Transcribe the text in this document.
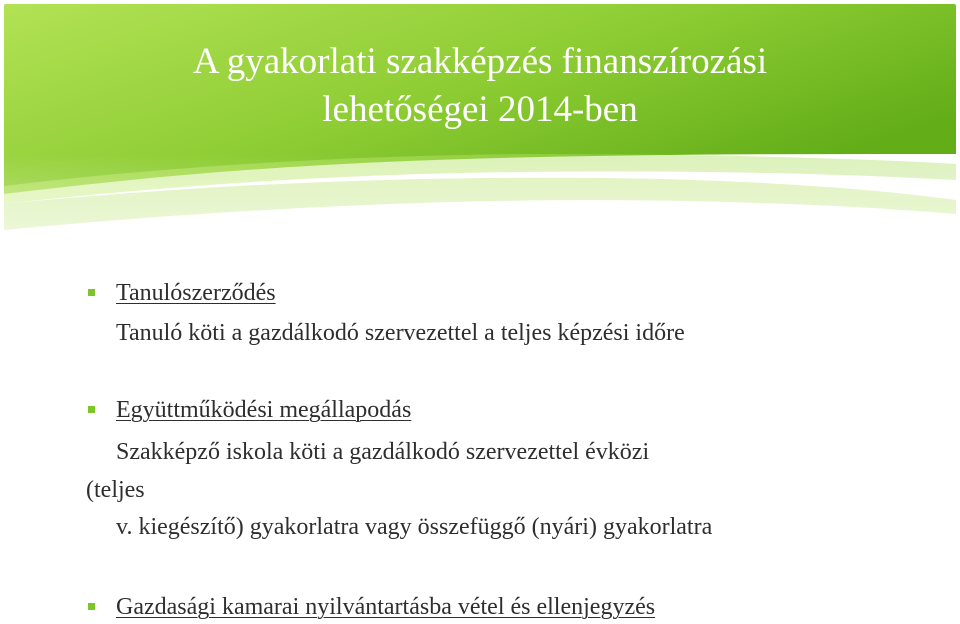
A gyakorlati szakképzés finanszírozási
lehetőségei 2014-ben
Tanulószerződés
Tanuló köti a gazdálkodó szervezettel a teljes képzési időre
Együttműködési megállapodás
Szakképző iskola köti a gazdálkodó szervezettel évközi
(teljes
v. kiegészítő) gyakorlatra vagy összefüggő (nyári) gyakorlatra
Gazdasági kamarai nyilvántartásba vétel és ellenjegyzés
